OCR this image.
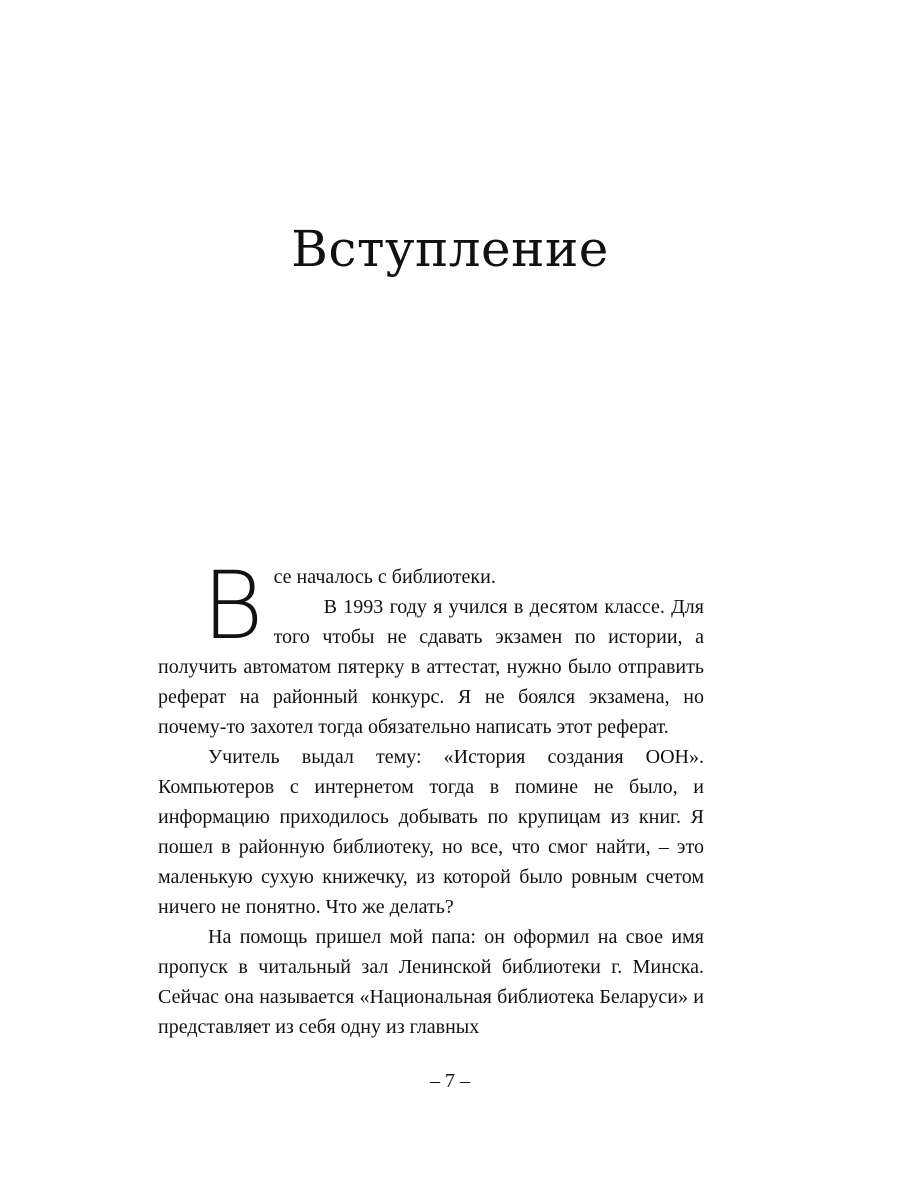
Вступление
В се началось с библиотеки.

В 1993 году я учился в десятом классе. Для того чтобы не сдавать экзамен по истории, а получить автоматом пятерку в аттестат, нужно было отправить реферат на районный конкурс. Я не боялся экзамена, но почему-то захотел тогда обязательно написать этот реферат.

Учитель выдал тему: «История создания ООН». Компьютеров с интернетом тогда в помине не было, и информацию приходилось добывать по крупицам из книг. Я пошел в районную библиотеку, но все, что смог найти, – это маленькую сухую книжечку, из которой было ровным счетом ничего не понятно. Что же делать?

На помощь пришел мой папа: он оформил на свое имя пропуск в читальный зал Ленинской библиотеки г. Минска. Сейчас она называется «Национальная библиотека Беларуси» и представляет из себя одну из главных

– 7 –
